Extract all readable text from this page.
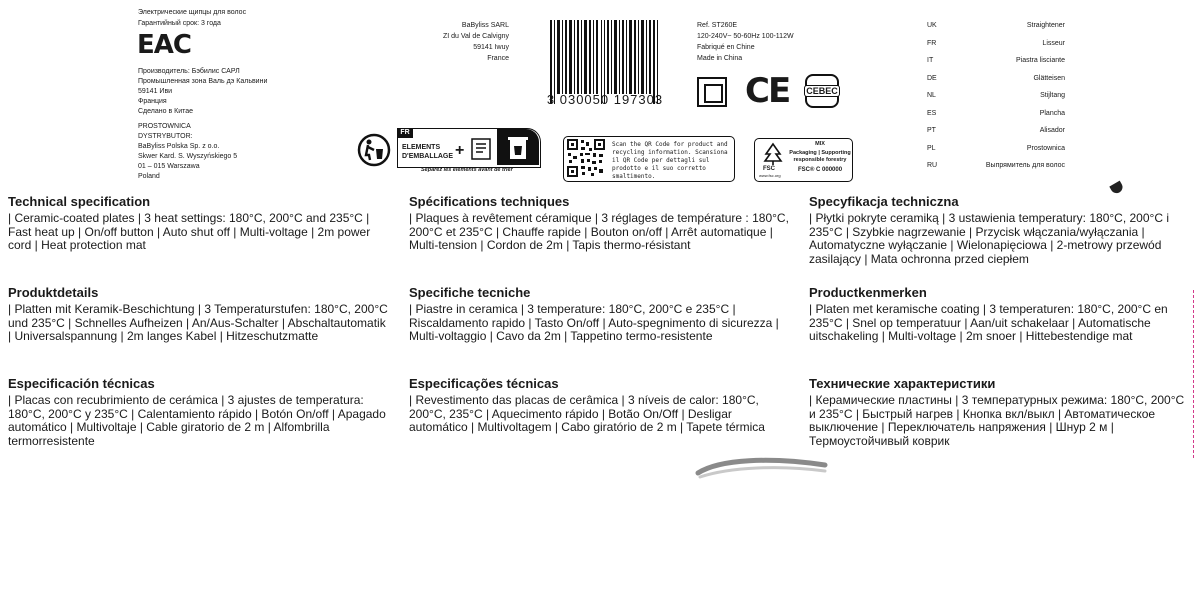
Электрические щипцы для волос
Гарантийный срок: 3 года
EAC
Производитель: Бэбилис САРЛ
Промышленная зона Валь дэ Кальвини
59141 Иви
Франция
Сделано в Китае
PROSTOWNICA
DYSTRYBUTOR:
BaByliss Polska Sp. z o.o.
Skwer Kard. S. Wyszyńskiego 5
01 – 015 Warszawa
Poland
BaByliss SARL
ZI du Val de Calvigny
59141 Iwuy
France
3 030050 197303
Ref. ST260E
120-240V~ 50-60Hz 100-112W
Fabriqué en Chine
Made in China
CE CEBEC
UK	Straightener
FR	Lisseur
IT	Piastra lisciante
DE	Glätteisen
NL	Stijltang
ES	Plancha
PT	Alisador
PL	Prostownica
RU	Выпрямитель для волос
FR
ELEMENTS
D'EMBALLAGE +
Séparez les éléments avant de trier
Scan the QR Code for product and recycling information. Scansiona il QR Code per dettagli sul prodotto e il suo corretto smaltimento.
FSC
www.fsc.org
MIX
Packaging | Supporting
responsible forestry
FSC® C 000000
Technical specification

| Ceramic-coated plates | 3 heat settings: 180°C, 200°C and 235°C | Fast heat up | On/off button | Auto shut off | Multi-voltage | 2m power cord | Heat protection mat

Spécifications techniques

| Plaques à revêtement céramique | 3 réglages de température : 180°C, 200°C et 235°C | Chauffe rapide | Bouton on/off | Arrêt automatique | Multi-tension | Cordon de 2m | Tapis thermo-résistant

Specyfikacja techniczna

| Płytki pokryte ceramiką | 3 ustawienia temperatury: 180°C, 200°C i 235°C | Szybkie nagrzewanie | Przycisk włączania/wyłączania | Automatyczne wyłączanie | Wielonapięciowa | 2-metrowy przewód zasilający | Mata ochronna przed ciepłem

Produktdetails

| Platten mit Keramik-Beschichtung | 3 Temperaturstufen: 180°C, 200°C und 235°C | Schnelles Aufheizen | An/Aus-Schalter | Abschaltautomatik | Universalspannung | 2m langes Kabel | Hitzeschutzmatte

Specifiche tecniche

| Piastre in ceramica | 3 temperature: 180°C, 200°C e 235°C | Riscaldamento rapido | Tasto On/off | Auto-spegnimento di sicurezza | Multi-voltaggio | Cavo da 2m | Tappetino termo-resistente

Productkenmerken

| Platen met keramische coating | 3 temperaturen: 180°C, 200°C en 235°C | Snel op temperatuur | Aan/uit schakelaar | Automatische uitschakeling | Multi-voltage | 2m snoer | Hittebestendige mat

Especificación técnicas

| Placas con recubrimiento de cerámica | 3 ajustes de temperatura: 180°C, 200°C y 235°C | Calentamiento rápido | Botón On/off | Apagado automático | Multivoltaje | Cable giratorio de 2 m | Alfombrilla termorresistente

Especificações técnicas

| Revestimento das placas de cerâmica | 3 níveis de calor: 180°C, 200°C, 235°C | Aquecimento rápido | Botão On/Off | Desligar automático | Multivoltagem | Cabo giratório de 2 m | Tapete térmica

Технические характеристики

| Керамические пластины | 3 температурных режима: 180°C, 200°C и 235°C | Быстрый нагрев | Кнопка вкл/выкл | Автоматическое выключение | Переключатель напряжения | Шнур 2 м | Термоустойчивый коврик
